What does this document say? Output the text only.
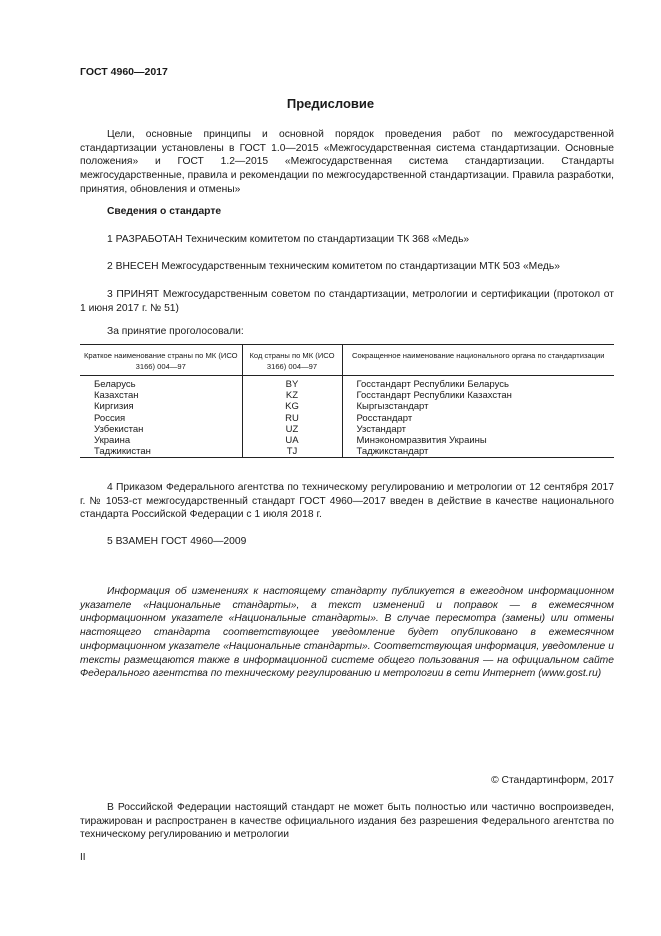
ГОСТ 4960—2017
Предисловие
Цели, основные принципы и основной порядок проведения работ по межгосударственной стандартизации установлены в ГОСТ 1.0—2015 «Межгосударственная система стандартизации. Основные положения» и ГОСТ 1.2—2015 «Межгосударственная система стандартизации. Стандарты межгосударственные, правила и рекомендации по межгосударственной стандартизации. Правила разработки, принятия, обновления и отмены»
Сведения о стандарте
1 РАЗРАБОТАН Техническим комитетом по стандартизации ТК 368 «Медь»
2 ВНЕСЕН Межгосударственным техническим комитетом по стандартизации МТК 503 «Медь»
3 ПРИНЯТ Межгосударственным советом по стандартизации, метрологии и сертификации (протокол от 1 июня 2017 г. № 51)
За принятие проголосовали:
Краткое наименование страны по МК (ИСО 3166) 004—97	Код страны по МК (ИСО 3166) 004—97	Сокращенное наименование национального органа по стандартизации
Беларусь	BY	Госстандарт Республики Беларусь
Казахстан	KZ	Госстандарт Республики Казахстан
Киргизия	KG	Кыргызстандарт
Россия	RU	Росстандарт
Узбекистан	UZ	Узстандарт
Украина	UA	Минэкономразвития Украины
Таджикистан	TJ	Таджикстандарт
4 Приказом Федерального агентства по техническому регулированию и метрологии от 12 сентября 2017 г. № 1053-ст межгосударственный стандарт ГОСТ 4960—2017 введен в действие в качестве национального стандарта Российской Федерации с 1 июля 2018 г.
5 ВЗАМЕН ГОСТ 4960—2009
Информация об изменениях к настоящему стандарту публикуется в ежегодном информационном указателе «Национальные стандарты», а текст изменений и поправок — в ежемесячном информационном указателе «Национальные стандарты». В случае пересмотра (замены) или отмены настоящего стандарта соответствующее уведомление будет опубликовано в ежемесячном информационном указателе «Национальные стандарты». Соответствующая информация, уведомление и тексты размещаются также в информационной системе общего пользования — на официальном сайте Федерального агентства по техническому регулированию и метрологии в сети Интернет (www.gost.ru)
© Стандартинформ, 2017
В Российской Федерации настоящий стандарт не может быть полностью или частично воспроизведен, тиражирован и распространен в качестве официального издания без разрешения Федерального агентства по техническому регулированию и метрологии
II
